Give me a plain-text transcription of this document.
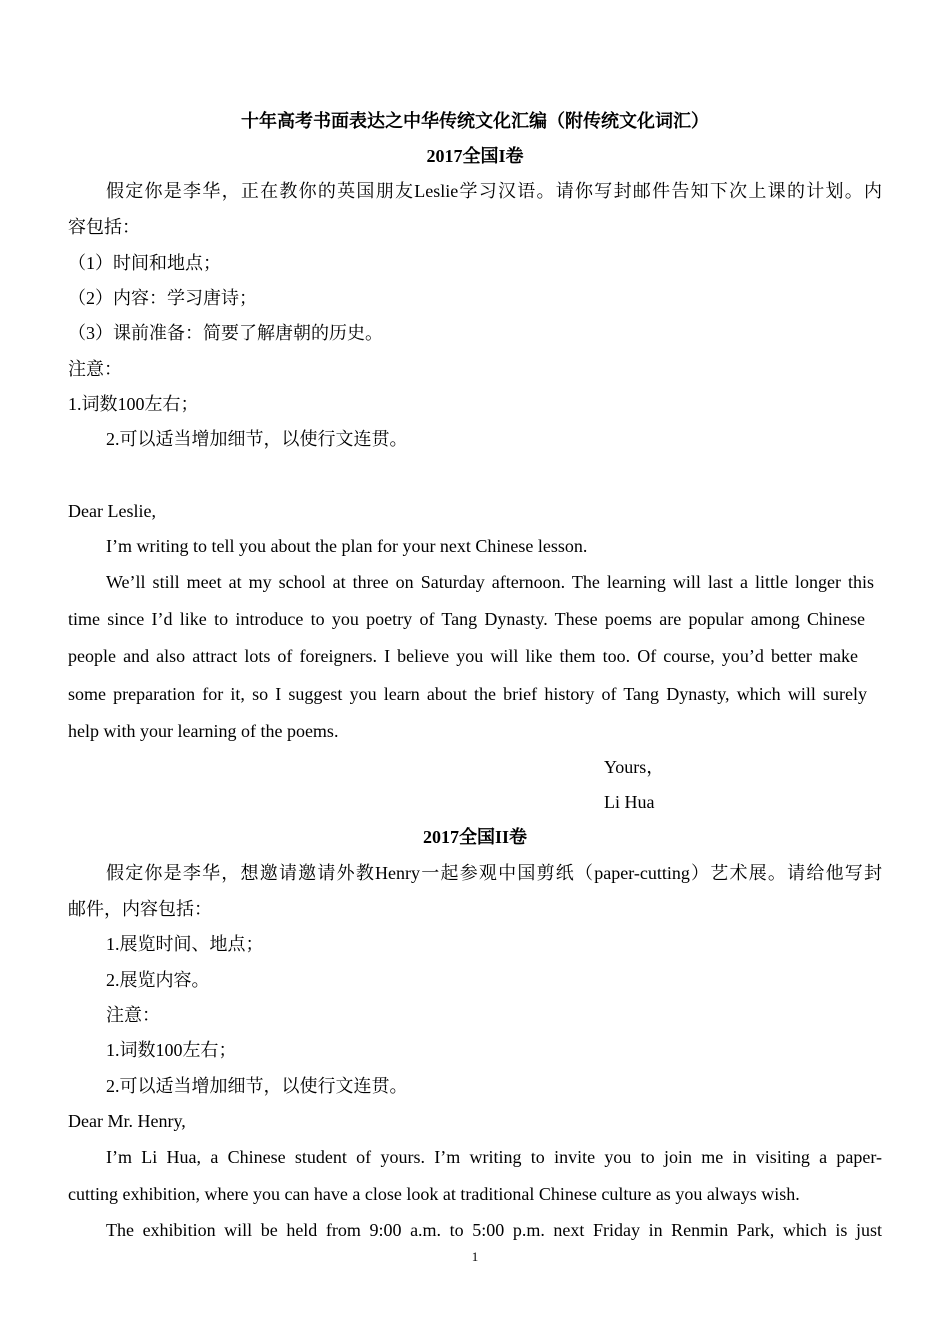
十年高考书面表达之中华传统文化汇编（附传统文化词汇）
2017全国I卷
假定你是李华，正在教你的英国朋友Leslie学习汉语。请你写封邮件告知下次上课的计划。内
容包括：
（1）时间和地点；
（2）内容：学习唐诗；
（3）课前准备：简要了解唐朝的历史。
注意：
1.词数100左右；
2.可以适当增加细节，以使行文连贯。
Dear Leslie,
I’m writing to tell you about the plan for your next Chinese lesson.
We’ll still meet at my school at three on Saturday afternoon. The learning will last a little longer this
time since I’d like to introduce to you poetry of Tang Dynasty. These poems are popular among Chinese
people and also attract lots of foreigners. I believe you will like them too. Of course, you’d better make
some preparation for it, so I suggest you learn about the brief history of Tang Dynasty, which will surely
help with your learning of the poems.
Yours，
Li Hua
2017全国II卷
假定你是李华，想邀请邀请外教Henry一起参观中国剪纸（paper-cutting）艺术展。请给他写封
邮件，内容包括：
1.展览时间、地点；
2.展览内容。
注意：
1.词数100左右；
2.可以适当增加细节，以使行文连贯。
Dear Mr. Henry,
I’m Li Hua, a Chinese student of yours. I’m writing to invite you to join me in visiting a paper-
cutting exhibition, where you can have a close look at traditional Chinese culture as you always wish.
The exhibition will be held from 9:00 a.m. to 5:00 p.m. next Friday in Renmin Park, which is just
1
